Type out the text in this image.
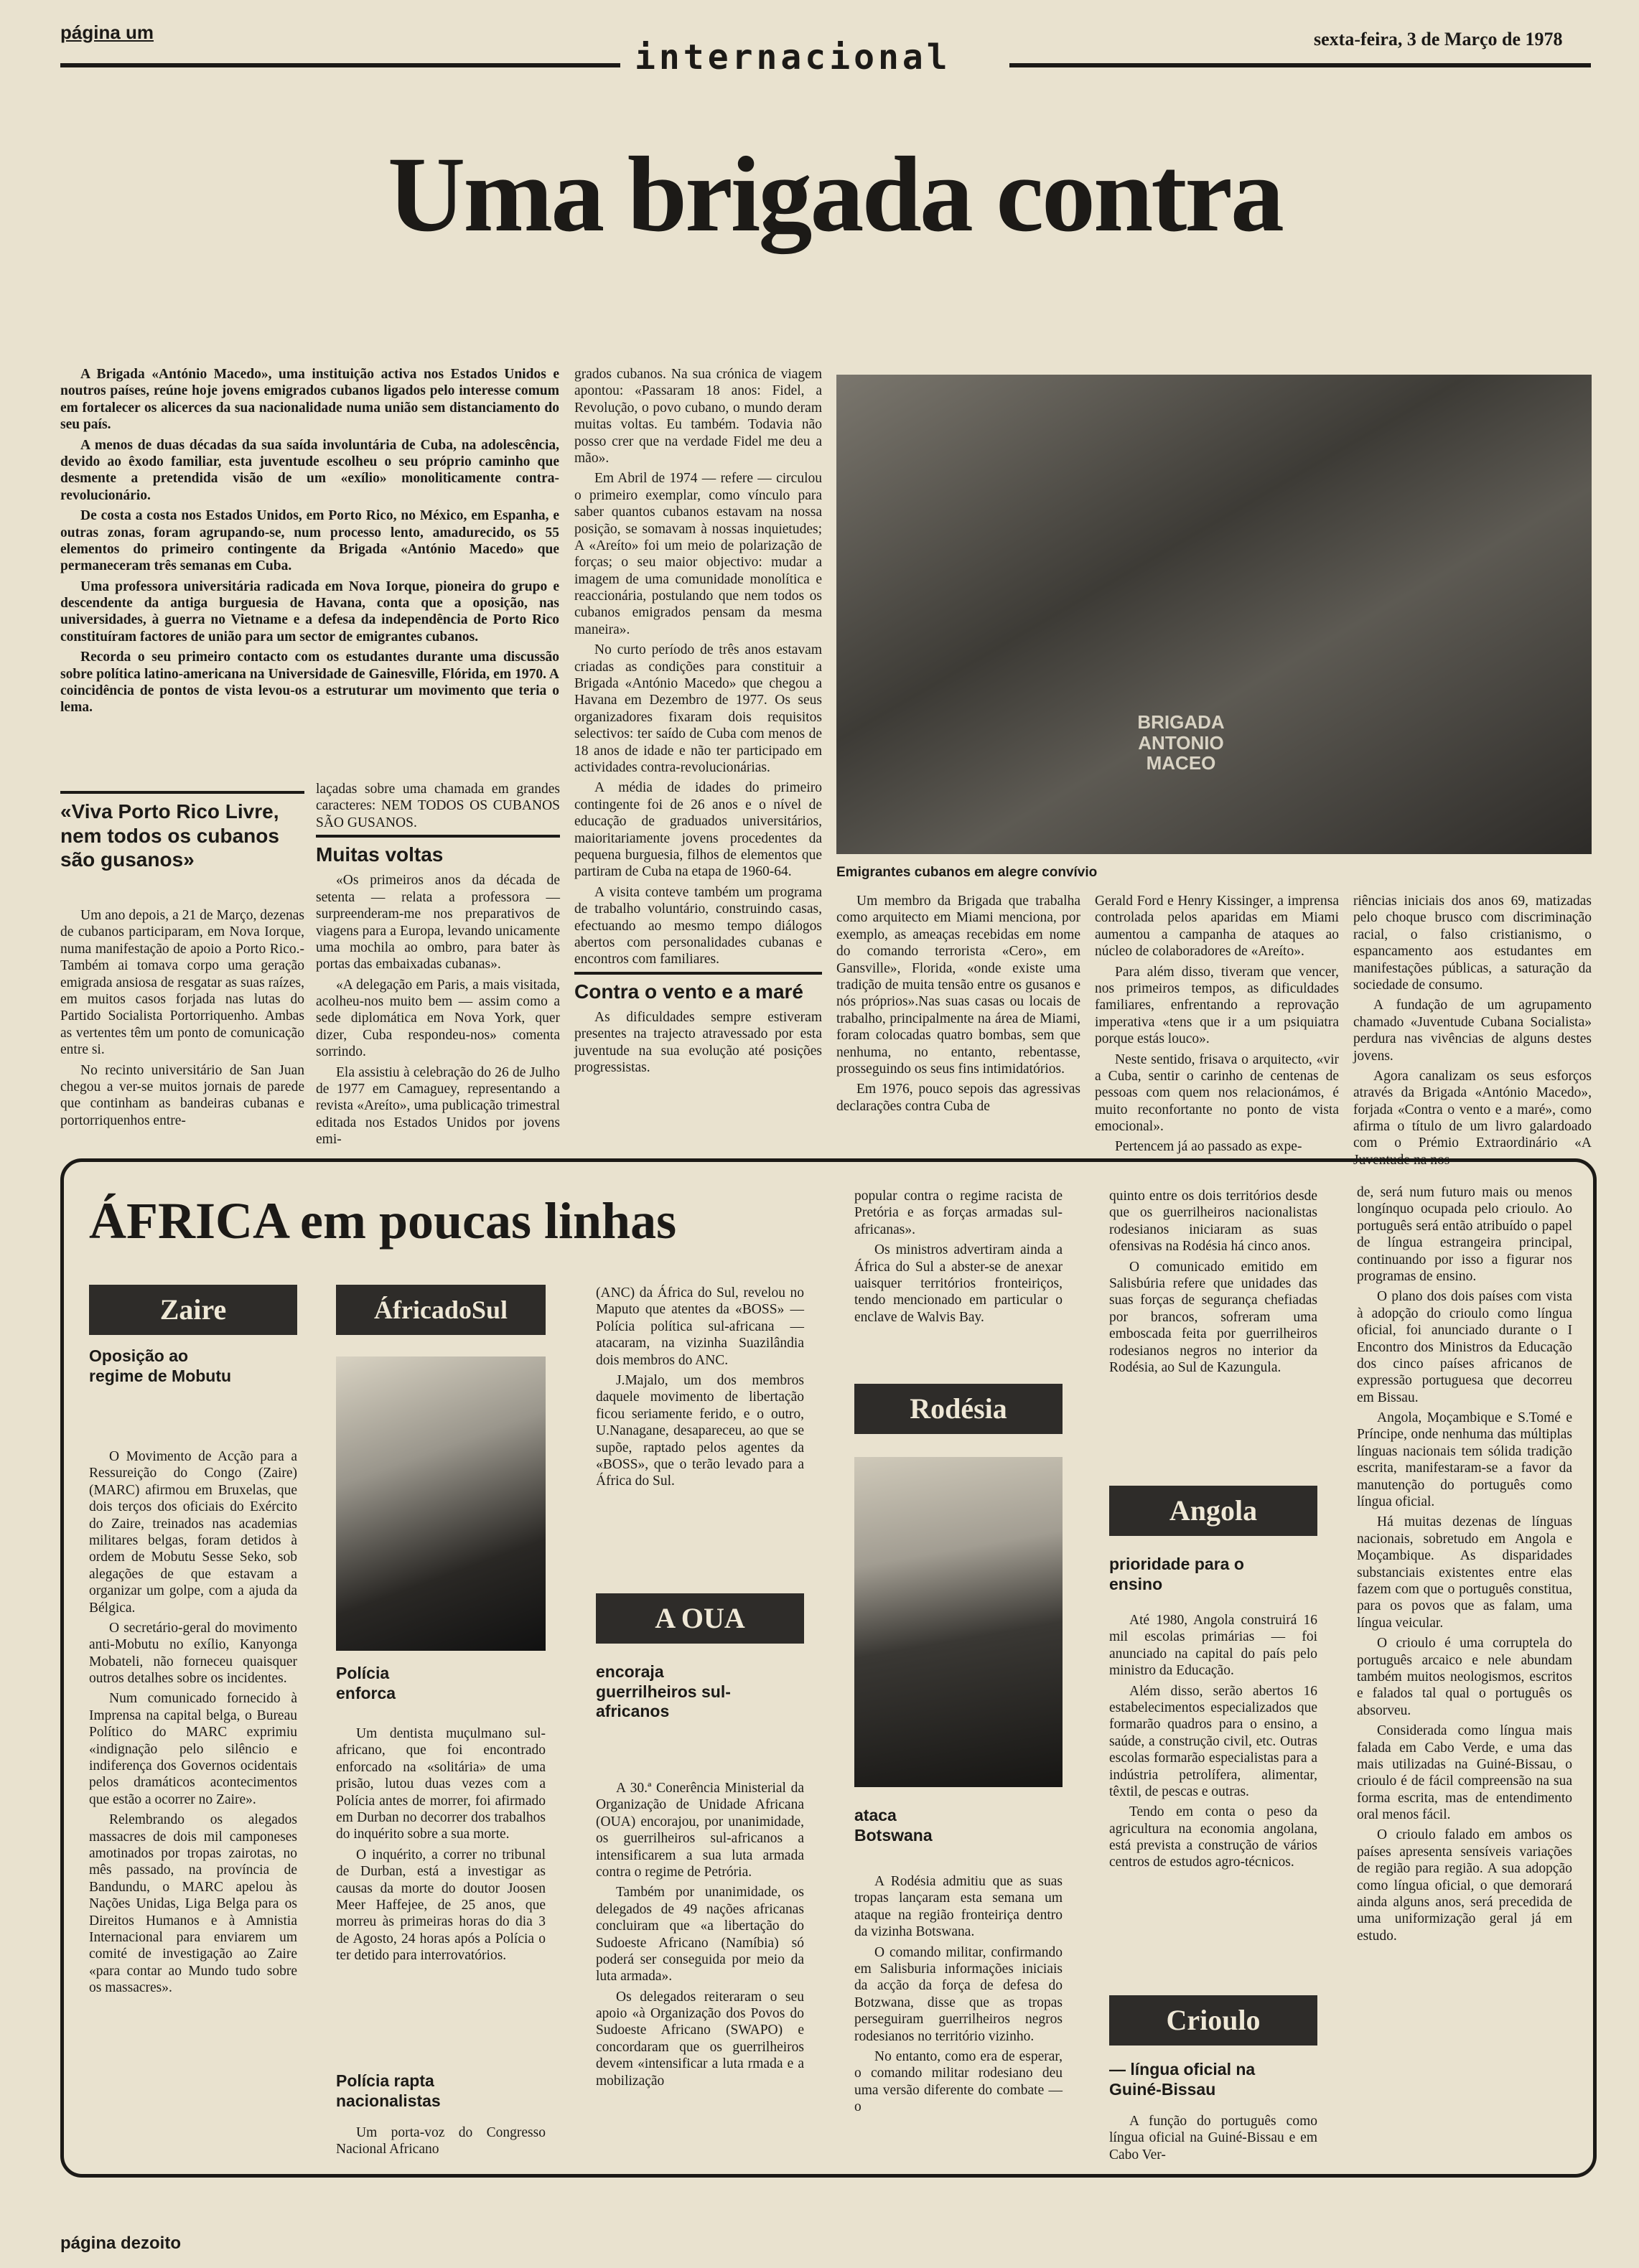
página um
internacional	sexta-feira, 3 de Março de 1978
Uma brigada contra

A Brigada «António Macedo», uma instituição activa nos Estados Unidos e noutros países, reúne hoje jovens emigrados cubanos ligados pelo interesse comum em fortalecer os alicerces da sua nacionalidade numa união sem distanciamento do seu país.

A menos de duas décadas da sua saída involuntária de Cuba, na adolescência, devido ao êxodo familiar, esta juventude escolheu o seu próprio caminho que desmente a pretendida visão de um «exílio» monoliticamente contra-revolucionário.

De costa a costa nos Estados Unidos, em Porto Rico, no México, em Espanha, e outras zonas, foram agrupando-se, num processo lento, amadurecido, os 55 elementos do primeiro contingente da Brigada «António Macedo» que permaneceram três semanas em Cuba.

Uma professora universitária radicada em Nova Iorque, pioneira do grupo e descendente da antiga burguesia de Havana, conta que a oposição, nas universidades, à guerra no Vietname e a defesa da independência de Porto Rico constituíram factores de união para um sector de emigrantes cubanos.

Recorda o seu primeiro contacto com os estudantes durante uma discussão sobre política latino-americana na Universidade de Gainesville, Flórida, em 1970. A coincidência de pontos de vista levou-os a estruturar um movimento que teria o lema.

«Viva Porto Rico Livre, nem todos os cubanos são gusanos»

Um ano depois, a 21 de Março, dezenas de cubanos participaram, em Nova Iorque, numa manifestação de apoio a Porto Rico.-Também ai tomava corpo uma geração emigrada ansiosa de resgatar as suas raízes, em muitos casos forjada nas lutas do Partido Socialista Portorriquenho. Ambas as vertentes têm um ponto de comunicação entre si.

No recinto universitário de San Juan chegou a ver-se muitos jornais de parede que continham as bandeiras cubanas e portorriquenhos entre-

laçadas sobre uma chamada em grandes caracteres: NEM TODOS OS CUBANOS SÃO GUSANOS.

Muitas voltas

«Os primeiros anos da década de setenta — relata a professora — surpreenderam-me nos preparativos de viagens para a Europa, levando unicamente uma mochila ao ombro, para bater às portas das embaixadas cubanas».

«A delegação em Paris, a mais visitada, acolheu-nos muito bem — assim como a sede diplomática em Nova York, quer dizer, Cuba respondeu-nos» comenta sorrindo.

Ela assistiu à celebração do 26 de Julho de 1977 em Camaguey, representando a revista «Areíto», uma publicação trimestral editada nos Estados Unidos por jovens emi-

grados cubanos. Na sua crónica de viagem apontou: «Passaram 18 anos: Fidel, a Revolução, o povo cubano, o mundo deram muitas voltas. Eu também. Todavia não posso crer que na verdade Fidel me deu a mão».

Em Abril de 1974 — refere — circulou o primeiro exemplar, como vínculo para saber quantos cubanos estavam na nossa posição, se somavam à nossas inquietudes; A «Areíto» foi um meio de polarização de forças; o seu maior objectivo: mudar a imagem de uma comunidade monolítica e reaccionária, postulando que nem todos os cubanos emigrados pensam da mesma maneira».

No curto período de três anos estavam criadas as condições para constituir a Brigada «António Macedo» que chegou a Havana em Dezembro de 1977. Os seus organizadores fixaram dois requisitos selectivos: ter saído de Cuba com menos de 18 anos de idade e não ter participado em actividades contra-revolucionárias.

A média de idades do primeiro contingente foi de 26 anos e o nível de educação de graduados universitários, maioritariamente jovens procedentes da pequena burguesia, filhos de elementos que partiram de Cuba na etapa de 1960-64.

A visita conteve também um programa de trabalho voluntário, construindo casas, efectuando ao mesmo tempo diálogos abertos com personalidades cubanas e encontros com familiares.

Contra o vento e a maré

As dificuldades sempre estiveram presentes na trajecto atravessado por esta juventude na sua evolução até posições progressistas.

BRIGADA ANTONIO MACEO
Emigrantes cubanos em alegre convívio

Um membro da Brigada que trabalha como arquitecto em Miami menciona, por exemplo, as ameaças recebidas em nome do comando terrorista «Cero», em Gansville», Florida, «onde existe uma tradição de muita tensão entre os gusanos e nós próprios».Nas suas casas ou locais de trabalho, principalmente na área de Miami, foram colocadas quatro bombas, sem que nenhuma, no entanto, rebentasse, prosseguindo os seus fins intimidatórios.

Em 1976, pouco sepois das agressivas declarações contra Cuba de

Gerald Ford e Henry Kissinger, a imprensa controlada pelos aparidas em Miami aumentou a campanha de ataques ao núcleo de colaboradores de «Areíto».

Para além disso, tiveram que vencer, nos primeiros tempos, as dificuldades familiares, enfrentando a reprovação imperativa «tens que ir a um psiquiatra porque estás louco».

Neste sentido, frisava o arquitecto, «vir a Cuba, sentir o carinho de centenas de pessoas com quem nos relacionámos, é muito reconfortante no ponto de vista emocional».

Pertencem já ao passado as expe-

riências iniciais dos anos 69, matizadas pelo choque brusco com discriminação racial, o falso cristianismo, o espancamento aos estudantes em manifestações públicas, a saturação da sociedade de consumo.

A fundação de um agrupamento chamado «Juventude Cubana Socialista» perdura nas vivências de alguns destes jovens.

Agora canalizam os seus esforços através da Brigada «António Macedo», forjada «Contra o vento e a maré», como afirma o título de um livro galardoado com o Prémio Extraordinário «A Juventude na nos-

ÁFRICA em poucas linhas
Zaire
Oposição ao regime de Mobutu

O Movimento de Acção para a Ressureição do Congo (Zaire) (MARC) afirmou em Bruxelas, que dois terços dos oficiais do Exército do Zaire, treinados nas academias militares belgas, foram detidos à ordem de Mobutu Sesse Seko, sob alegações de que estavam a organizar um golpe, com a ajuda da Bélgica.

O secretário-geral do movimento anti-Mobutu no exílio, Kanyonga Mobateli, não forneceu quaisquer outros detalhes sobre os incidentes.

Num comunicado fornecido à Imprensa na capital belga, o Bureau Político do MARC exprimiu «indignação pelo silêncio e indiferença dos Governos ocidentais pelos dramáticos acontecimentos que estão a ocorrer no Zaire».

Relembrando os alegados massacres de dois mil camponeses amotinados por tropas zairotas, no mês passado, na província de Bandundu, o MARC apelou às Nações Unidas, Liga Belga para os Direitos Humanos e à Amnistia Internacional para enviarem um comité de investigação ao Zaire «para contar ao Mundo tudo sobre os massacres».

ÁfricadoSul
Polícia enforca

Um dentista muçulmano sul-africano, que foi encontrado enforcado na «solitária» de uma prisão, lutou duas vezes com a Polícia antes de morrer, foi afirmado em Durban no decorrer dos trabalhos do inquérito sobre a sua morte.

O inquérito, a correr no tribunal de Durban, está a investigar as causas da morte do doutor Joosen Meer Haffejee, de 25 anos, que morreu às primeiras horas do dia 3 de Agosto, 24 horas após a Polícia o ter detido para interrovatórios.

Polícia rapta nacionalistas

Um porta-voz do Congresso Nacional Africano

(ANC) da África do Sul, revelou no Maputo que atentes da «BOSS» — Polícia política sul-africana — atacaram, na vizinha Suazilândia dois membros do ANC.

J.Majalo, um dos membros daquele movimento de libertação ficou seriamente ferido, e o outro, U.Nanagane, desapareceu, ao que se supõe, raptado pelos agentes da «BOSS», que o terão levado para a África do Sul.

A OUA
encoraja guerrilheiros sul-africanos

A 30.ª Conerência Ministerial da Organização de Unidade Africana (OUA) encorajou, por unanimidade, os guerrilheiros sul-africanos a intensificarem a sua luta armada contra o regime de Petrória.

Também por unanimidade, os delegados de 49 nações africanas concluiram que «a libertação do Sudoeste Africano (Namíbia) só poderá ser conseguida por meio da luta armada».

Os delegados reiteraram o seu apoio «à Organização dos Povos do Sudoeste Africano (SWAPO) e concordaram que os guerrilheiros devem «intensificar a luta rmada e a mobilização

popular contra o regime racista de Pretória e as forças armadas sul-africanas».

Os ministros advertiram ainda a África do Sul a abster-se de anexar uaisquer territórios fronteiriços, tendo mencionado em particular o enclave de Walvis Bay.

Rodésia
ataca Botswana

A Rodésia admitiu que as suas tropas lançaram esta semana um ataque na região fronteiriça dentro da vizinha Botswana.

O comando militar, confirmando em Salisburia informações iniciais da acção da força de defesa do Botzwana, disse que as tropas perseguiram guerrilheiros negros rodesianos no território vizinho.

No entanto, como era de esperar, o comando militar rodesiano deu uma versão diferente do combate — o

quinto entre os dois territórios desde que os guerrilheiros nacionalistas rodesianos iniciaram as suas ofensivas na Rodésia há cinco anos.

O comunicado emitido em Salisbúria refere que unidades das suas forças de segurança chefiadas por brancos, sofreram uma emboscada feita por guerrilheiros rodesianos negros no interior da Rodésia, ao Sul de Kazungula.

Angola
prioridade para o ensino

Até 1980, Angola construirá 16 mil escolas primárias — foi anunciado na capital do país pelo ministro da Educação.

Além disso, serão abertos 16 estabelecimentos especializados que formarão quadros para o ensino, a saúde, a construção civil, etc. Outras escolas formarão especialistas para a indústria petrolífera, alimentar, têxtil, de pescas e outras.

Tendo em conta o peso da agricultura na economia angolana, está prevista a construção de vários centros de estudos agro-técnicos.

Crioulo
— língua oficial na Guiné-Bissau

A função do português como língua oficial na Guiné-Bissau e em Cabo Ver-

de, será num futuro mais ou menos longínquo ocupada pelo crioulo. Ao português será então atribuído o papel de língua estrangeira principal, continuando por isso a figurar nos programas de ensino.

O plano dos dois países com vista à adopção do crioulo como língua oficial, foi anunciado durante o I Encontro dos Ministros da Educação dos cinco países africanos de expressão portuguesa que decorreu em Bissau.

Angola, Moçambique e S.Tomé e Príncipe, onde nenhuma das múltiplas línguas nacionais tem sólida tradição escrita, manifestaram-se a favor da manutenção do português como língua oficial.

Há muitas dezenas de línguas nacionais, sobretudo em Angola e Moçambique. As disparidades substanciais existentes entre elas fazem com que o português constitua, para os povos que as falam, uma língua veicular.

O crioulo é uma corruptela do português arcaico e nele abundam também muitos neologismos, escritos e falados tal qual o português os absorveu.

Considerada como língua mais falada em Cabo Verde, e uma das mais utilizadas na Guiné-Bissau, o crioulo é de fácil compreensão na sua forma escrita, mas de entendimento oral menos fácil.

O crioulo falado em ambos os países apresenta sensíveis variações de região para região. A sua adopção como língua oficial, o que demorará ainda alguns anos, será precedida de uma uniformização geral já em estudo.

página dezoito
